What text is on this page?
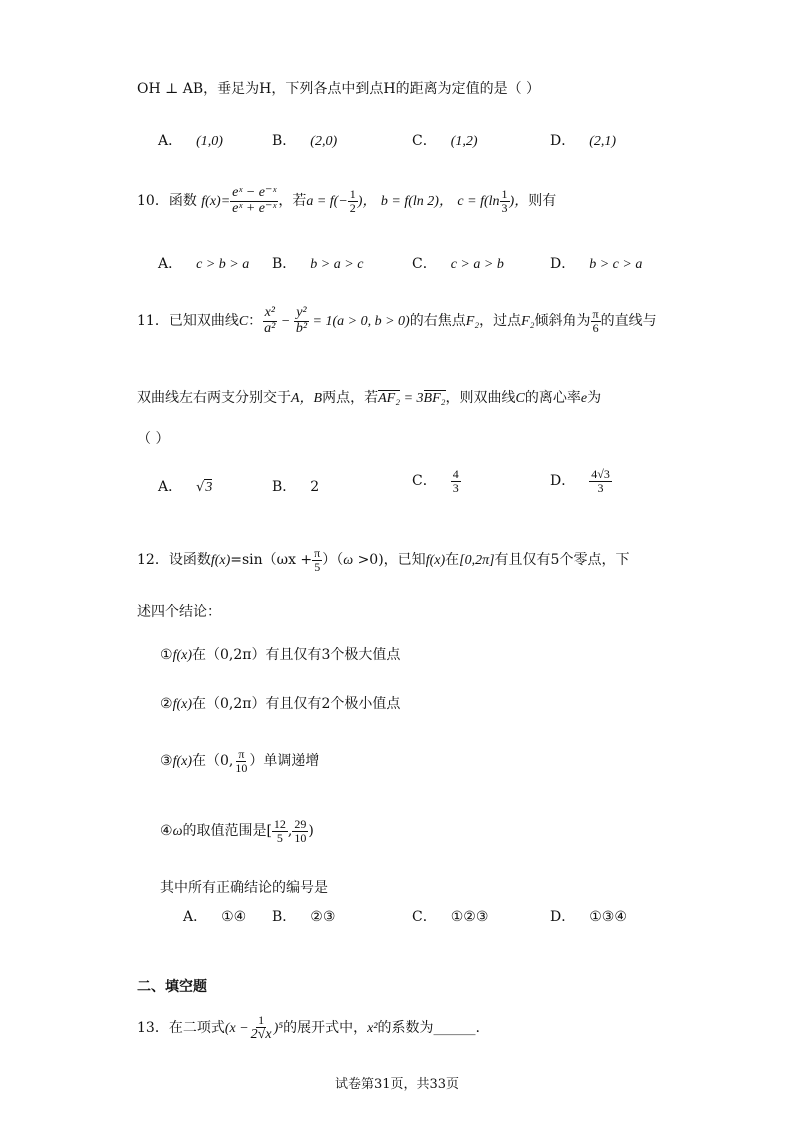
OH ⊥ AB，垂足为H，下列各点中到点H的距离为定值的是（ ）
A． (1,0)	B． (2,0)	C． (1,2)	D． (2,1)
10．函数 $f(x)= \frac{\text{eˣ − e⁻ˣ}}{\text{eˣ + e⁻ˣ}}$ ，若$a = f(- \frac{1}{2}$ )， b = f(ln 2)， $c = f(\ln \frac{1}{3}$ )，则有
A． c > b > a B． b > a > c	C． c > a > b	D． b > c > a
11．已知双曲线C： $\frac{\text{x²}}{\text{a²}} - \frac{\text{y²}}{\text{b²}} = 1(a > 0$, b > 0)的右焦点F₂，过点F₂倾斜角为 $\frac{\pi}{6}$ 的直线与
双曲线左右两支分别交于A，B两点，若AF₂ = 3BF₂，则双曲线C的离心率e为
（ ）
A． √3	B． 2	C． $\frac{4}{3}$	D． $\frac{4√3}{3}$
12．设函数$f(x)=\sin(\omega x + \frac{\pi}{5} )(\omega >0)$，已知f(x)在[0,2π]有且仅有5个零点，下
述四个结论：
①f(x)在（0,2π）有且仅有3个极大值点
②f(x)在（0,2π）有且仅有2个极小值点
③f(x)在（0, $\frac{\pi}{10}$ ）单调递增
④ω的取值范围是[ $\frac{12}{5}$ , $\frac{29}{10}$ )
其中所有正确结论的编号是
A． ①④ B． ②③	C． ①②③	D． ①③④
二、填空题
13．在二项式$(x - \frac{1}{2√x} )^5$的展开式中，x²的系数为______.
试卷第31页，共33页
